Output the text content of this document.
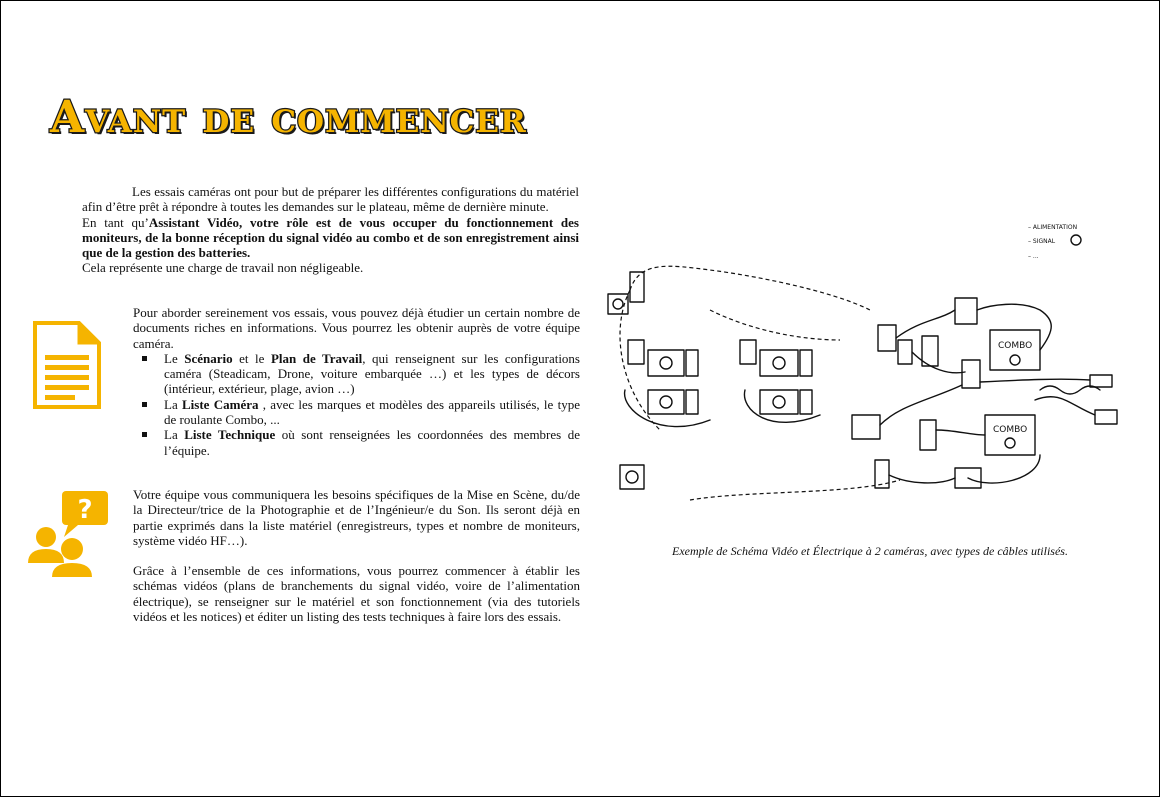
Avant de commencer

Les essais caméras ont pour but de préparer les différentes configurations du matériel afin d’être prêt à répondre à toutes les demandes sur le plateau, même de dernière minute.

En tant qu’Assistant Vidéo, votre rôle est de vous occuper du fonctionnement des moniteurs, de la bonne réception du signal vidéo au combo et de son enregistrement ainsi que de la gestion des batteries.

Cela représente une charge de travail non négligeable.

Pour aborder sereinement vos essais, vous pouvez déjà étudier un certain nombre de documents riches en informations. Vous pourrez les obtenir auprès de votre équipe caméra.

Le Scénario et le Plan de Travail, qui renseignent sur les configurations caméra (Steadicam, Drone, voiture embarquée …) et les types de décors (intérieur, extérieur, plage, avion …)
La Liste Caméra , avec les marques et modèles des appareils utilisés, le type de roulante Combo, ...
La Liste Technique où sont renseignées les coordonnées des membres de l’équipe.
?

Votre équipe vous communiquera les besoins spécifiques de la Mise en Scène, du/de la Directeur/trice de la Photographie et de l’Ingénieur/e du Son. Ils seront déjà en partie exprimés dans la liste matériel (enregistreurs, types et nombre de moniteurs, système vidéo HF…).

Grâce à l’ensemble de ces informations, vous pourrez commencer à établir les schémas vidéos (plans de branchements du signal vidéo, voire de l’alimentation électrique), se renseigner sur le matériel et son fonctionnement (via des tutoriels vidéos et les notices) et éditer un listing des tests techniques à faire lors des essais.

– ALIMENTATION
– SIGNAL
– ...
COMBO
COMBO
Exemple de Schéma Vidéo et Électrique à 2 caméras, avec types de câbles utilisés.
